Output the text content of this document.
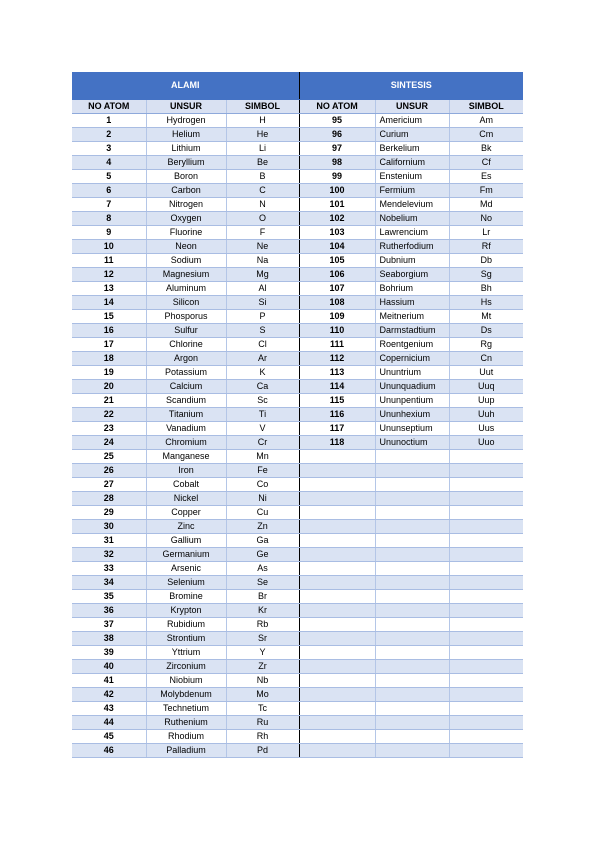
ALAMI			SINTESIS		
NO ATOM	UNSUR	SIMBOL	NO ATOM	UNSUR	SIMBOL
1	Hydrogen	H	95	Americium	Am
2	Helium	He	96	Curium	Cm
3	Lithium	Li	97	Berkelium	Bk
4	Beryllium	Be	98	Californium	Cf
5	Boron	B	99	Enstenium	Es
6	Carbon	C	100	Fermium	Fm
7	Nitrogen	N	101	Mendelevium	Md
8	Oxygen	O	102	Nobelium	No
9	Fluorine	F	103	Lawrencium	Lr
10	Neon	Ne	104	Rutherfodium	Rf
11	Sodium	Na	105	Dubnium	Db
12	Magnesium	Mg	106	Seaborgium	Sg
13	Aluminum	Al	107	Bohrium	Bh
14	Silicon	Si	108	Hassium	Hs
15	Phosporus	P	109	Meitnerium	Mt
16	Sulfur	S	110	Darmstadtium	Ds
17	Chlorine	Cl	111	Roentgenium	Rg
18	Argon	Ar	112	Copernicium	Cn
19	Potassium	K	113	Ununtrium	Uut
20	Calcium	Ca	114	Ununquadium	Uuq
21	Scandium	Sc	115	Ununpentium	Uup
22	Titanium	Ti	116	Ununhexium	Uuh
23	Vanadium	V	117	Ununseptium	Uus
24	Chromium	Cr	118	Ununoctium	Uuo
25	Manganese	Mn			
26	Iron	Fe			
27	Cobalt	Co			
28	Nickel	Ni			
29	Copper	Cu			
30	Zinc	Zn			
31	Gallium	Ga			
32	Germanium	Ge			
33	Arsenic	As			
34	Selenium	Se			
35	Bromine	Br			
36	Krypton	Kr			
37	Rubidium	Rb			
38	Strontium	Sr			
39	Yttrium	Y			
40	Zirconium	Zr			
41	Niobium	Nb			
42	Molybdenum	Mo			
43	Technetium	Tc			
44	Ruthenium	Ru			
45	Rhodium	Rh			
46	Palladium	Pd			
